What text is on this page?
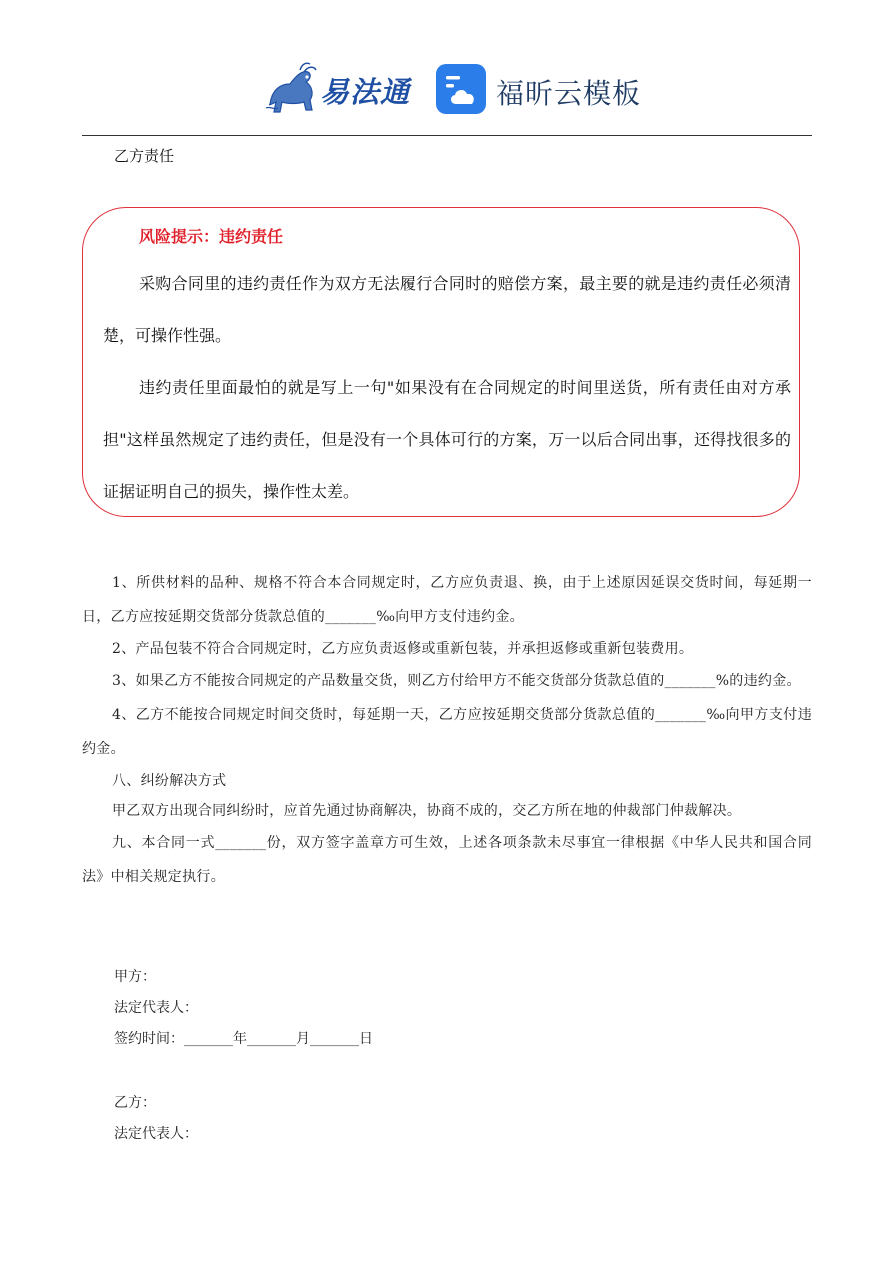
易法通	福昕云模板
乙方责任
风险提示：违约责任

采购合同里的违约责任作为双方无法履行合同时的赔偿方案，最主要的就是违约责任必须清楚，可操作性强。

违约责任里面最怕的就是写上一句"如果没有在合同规定的时间里送货，所有责任由对方承担"这样虽然规定了违约责任，但是没有一个具体可行的方案，万一以后合同出事，还得找很多的证据证明自己的损失，操作性太差。

1、所供材料的品种、规格不符合本合同规定时，乙方应负责退、换，由于上述原因延误交货时间，每延期一日，乙方应按延期交货部分货款总值的_______‰向甲方支付违约金。

2、产品包装不符合合同规定时，乙方应负责返修或重新包装，并承担返修或重新包装费用。

3、如果乙方不能按合同规定的产品数量交货，则乙方付给甲方不能交货部分货款总值的_______%的违约金。

4、乙方不能按合同规定时间交货时，每延期一天，乙方应按延期交货部分货款总值的_______‰向甲方支付违约金。

八、纠纷解决方式

甲乙双方出现合同纠纷时，应首先通过协商解决，协商不成的，交乙方所在地的仲裁部门仲裁解决。

九、本合同一式_______份，双方签字盖章方可生效，上述各项条款未尽事宜一律根据《中华人民共和国合同法》中相关规定执行。

甲方：
法定代表人：
签约时间：_______年_______月_______日
乙方：
法定代表人：
